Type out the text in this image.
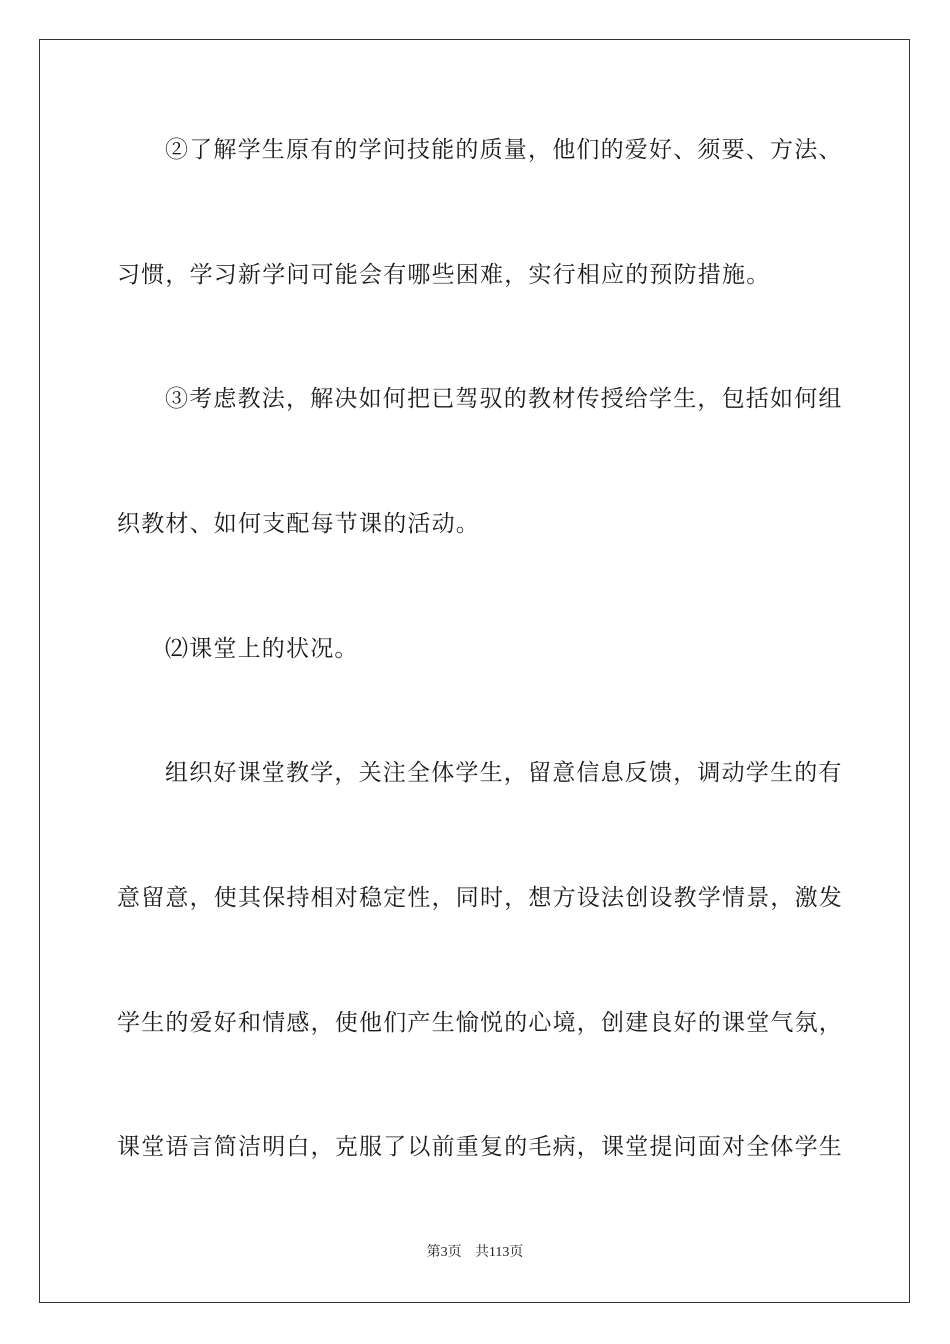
②了解学生原有的学问技能的质量，他们的爱好、须要、方法、
习惯，学习新学问可能会有哪些困难，实行相应的预防措施。
③考虑教法，解决如何把已驾驭的教材传授给学生，包括如何组
织教材、如何支配每节课的活动。
⑵课堂上的状况。
组织好课堂教学，关注全体学生，留意信息反馈，调动学生的有
意留意，使其保持相对稳定性，同时，想方设法创设教学情景，激发
学生的爱好和情感，使他们产生愉悦的心境，创建良好的课堂气氛，
课堂语言简洁明白，克服了以前重复的毛病，课堂提问面对全体学生
第3页 共113页
